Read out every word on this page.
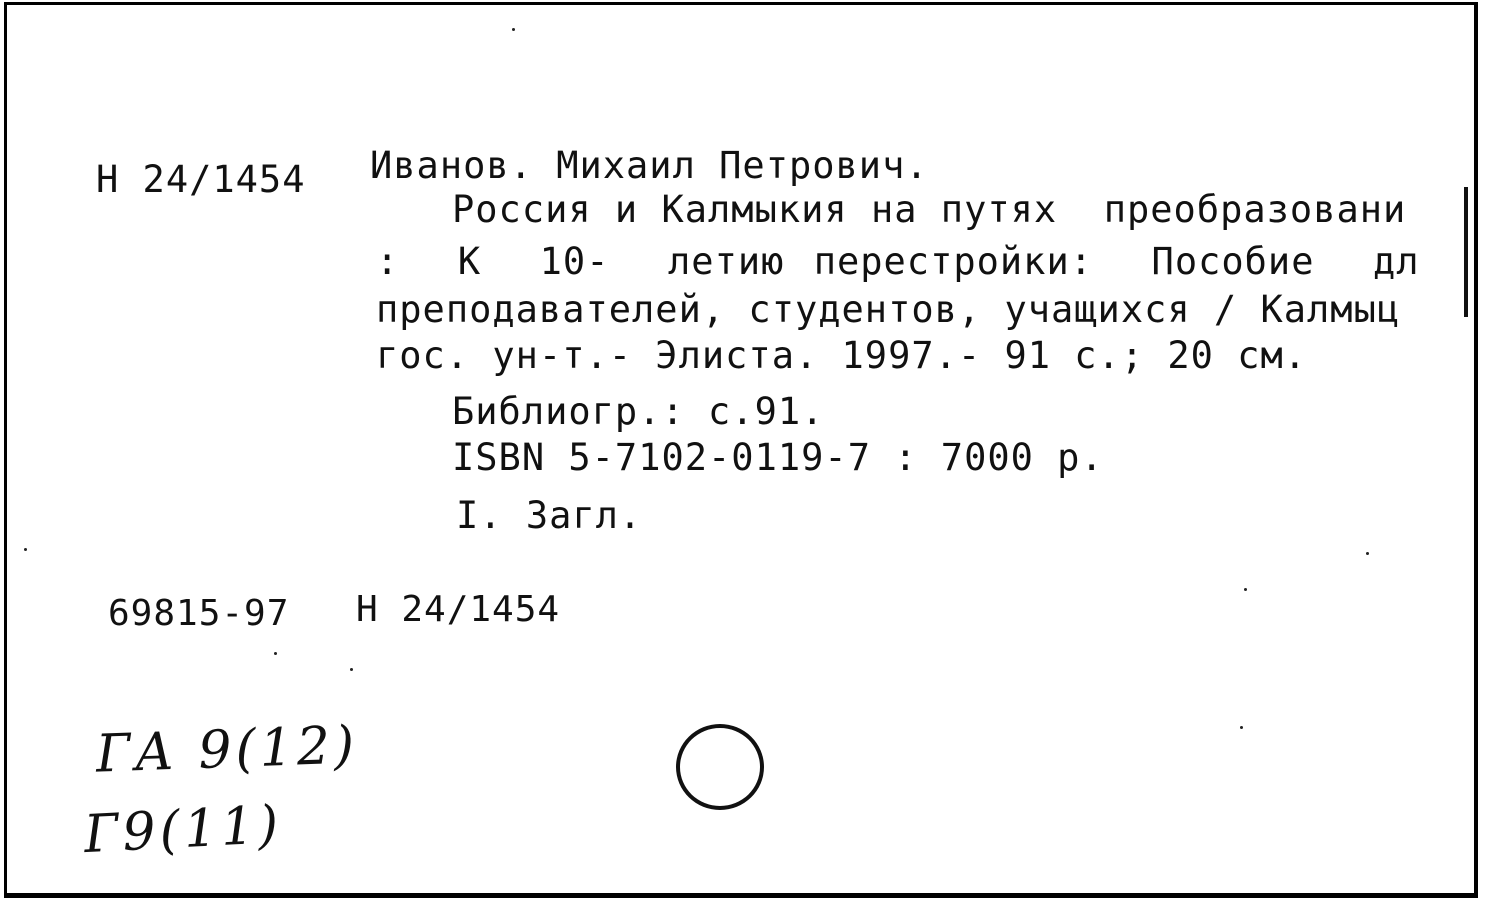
Н 24/1454 Иванов. Михаил Петрович.
Россия и Калмыкия на путях  преобразовани
:  К  10-  летию перестройки:  Пособие  дл
преподавателей, студентов, учащихся / Калмыц
гос. ун-т.- Элиста. 1997.- 91 с.; 20 см.
Библиогр.: с.91.
ISBN 5-7102-0119-7 : 7000 р.
I. Загл.
69815-97 Н 24/1454
ГА 9(12)
Г9(11)
